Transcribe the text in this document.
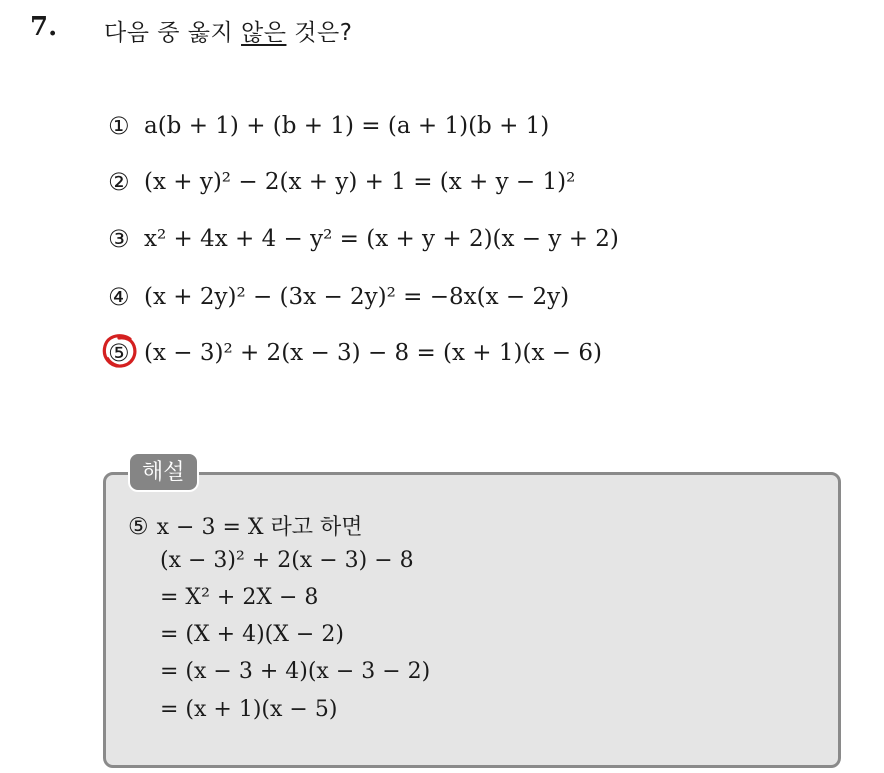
7. 다음 중 옳지 않은 것은?
① a(b + 1) + (b + 1) = (a + 1)(b + 1)
② (x + y)² − 2(x + y) + 1 = (x + y − 1)²
③ x² + 4x + 4 − y² = (x + y + 2)(x − y + 2)
④ (x + 2y)² − (3x − 2y)² = −8x(x − 2y)
⑤ (x − 3)² + 2(x − 3) − 8 = (x + 1)(x − 6)
해설
⑤ x − 3 = X 라고 하면
(x − 3)² + 2(x − 3) − 8
= X² + 2X − 8
= (X + 4)(X − 2)
= (x − 3 + 4)(x − 3 − 2)
= (x + 1)(x − 5)
